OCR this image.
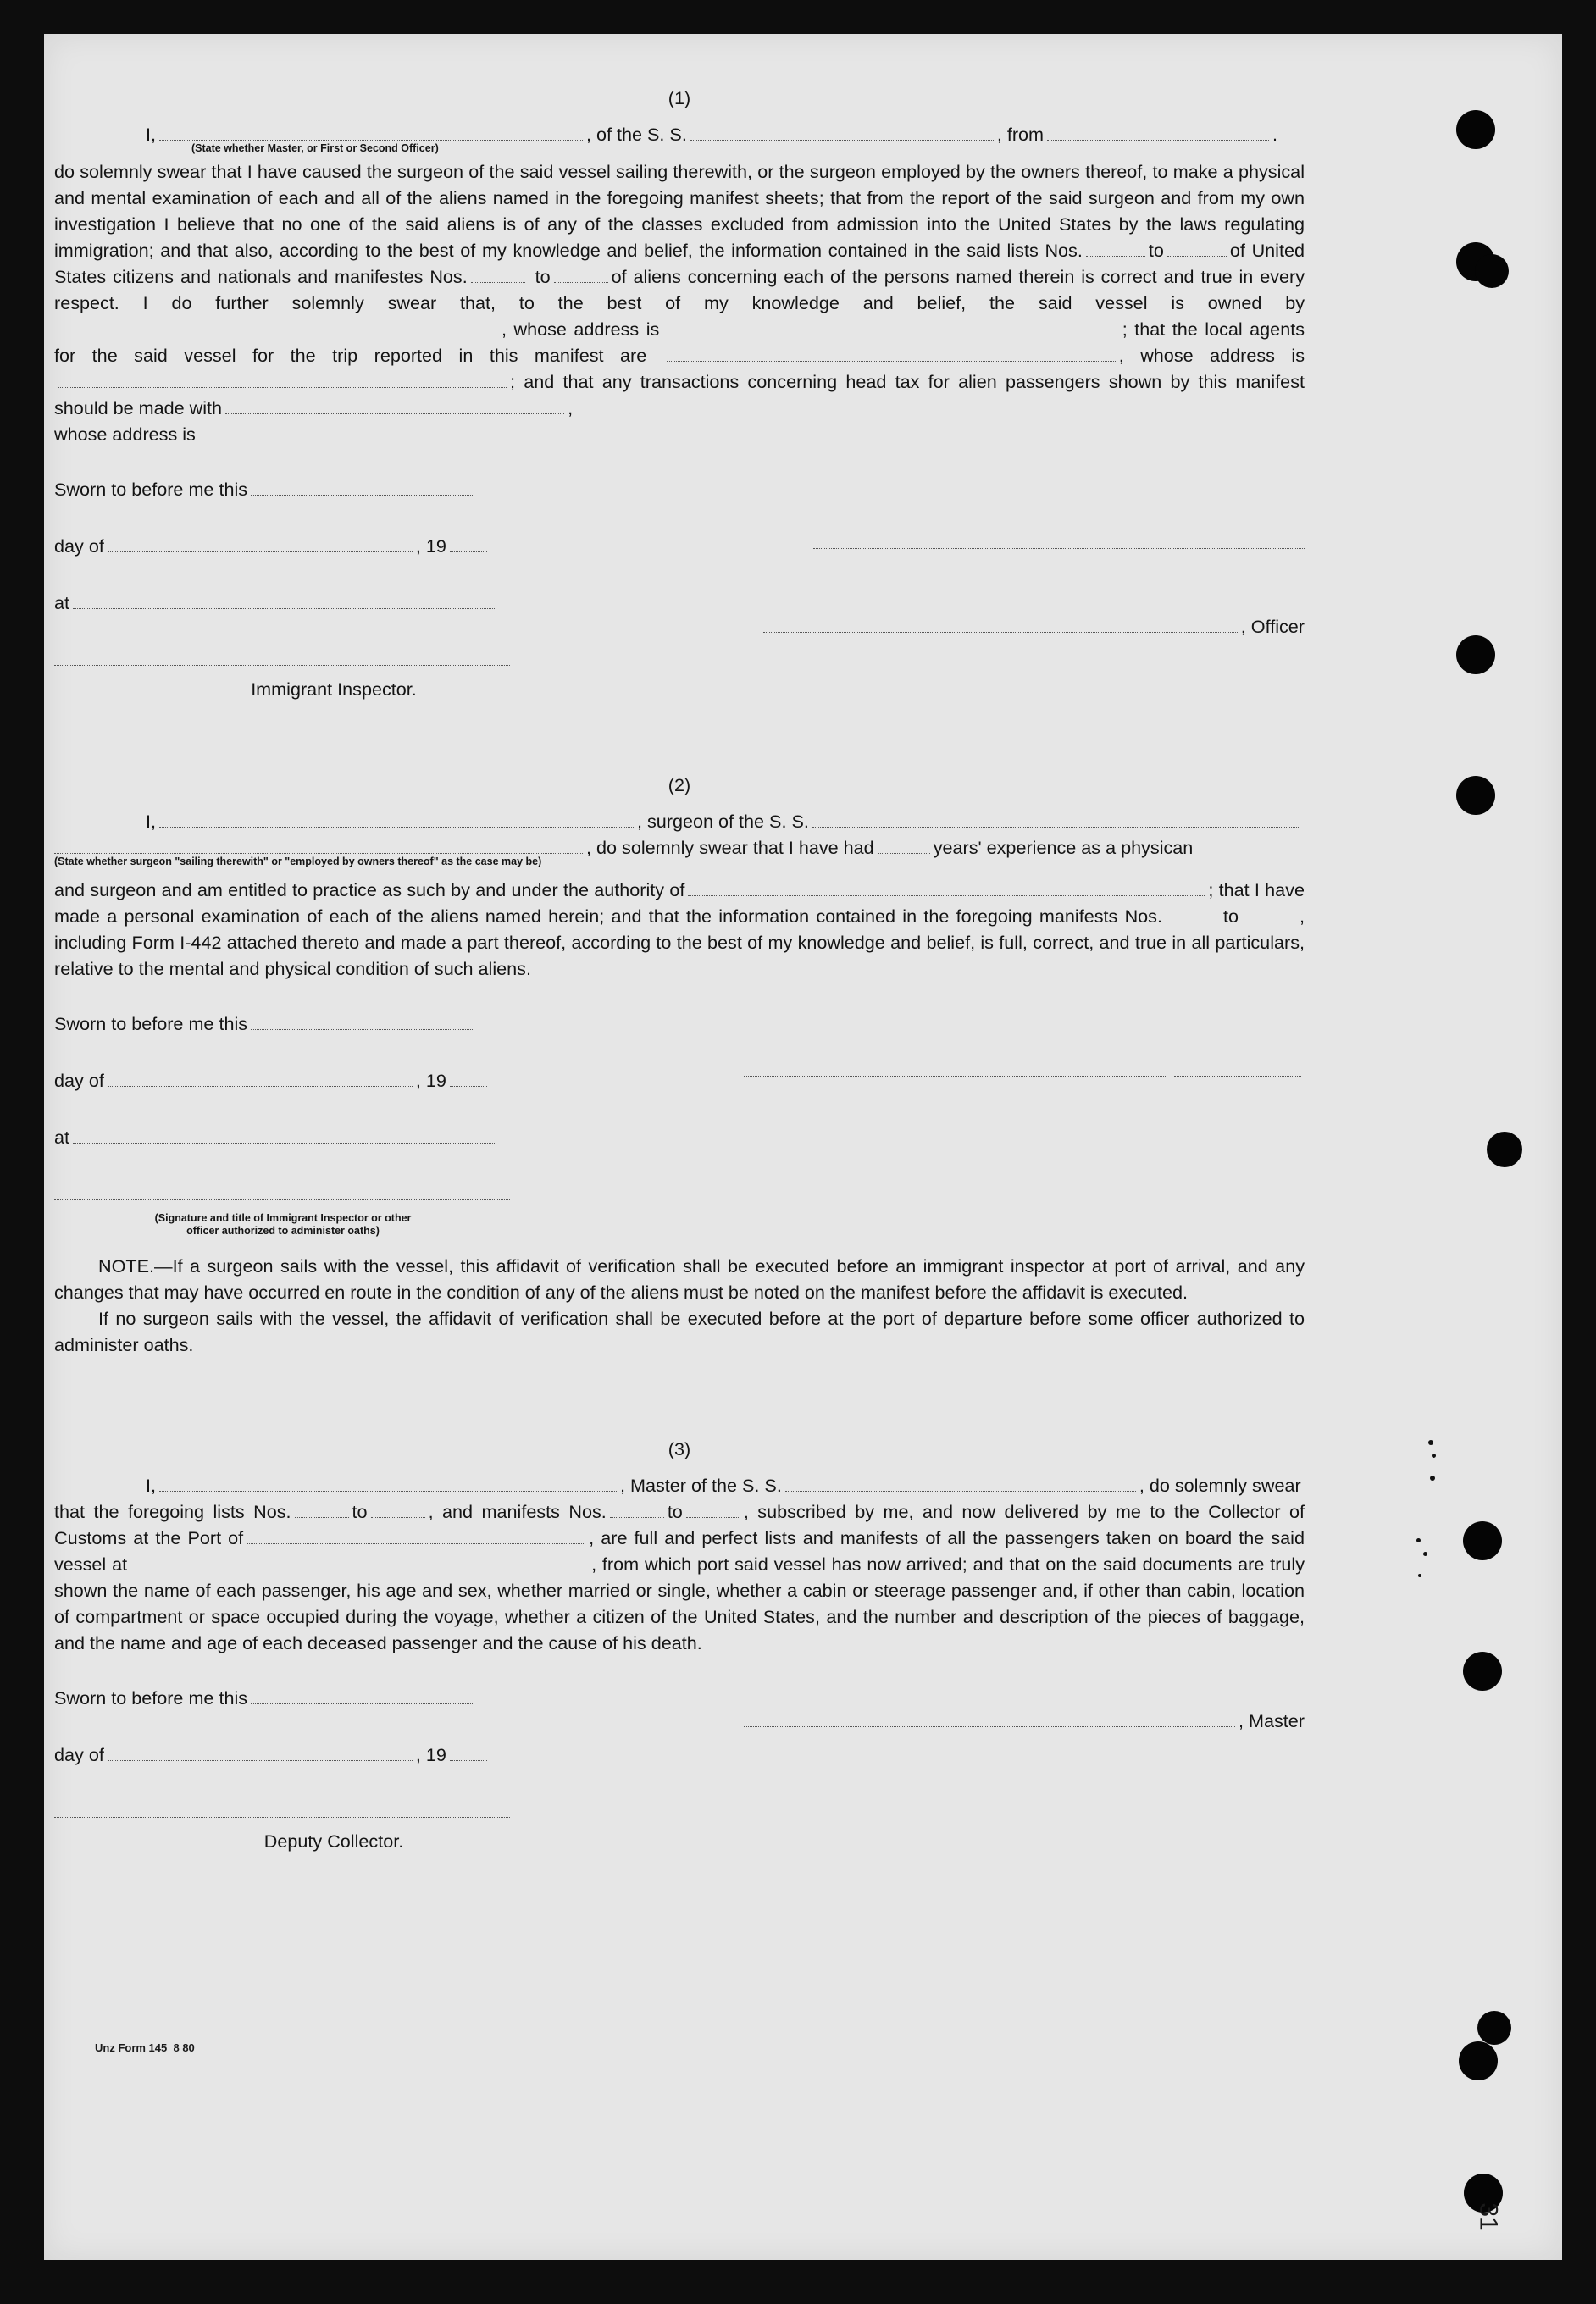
(1)
I,	, of the S. S.	, from	.
(State whether Master, or First or Second Officer)

do solemnly swear that I have caused the surgeon of the said vessel sailing therewith, or the surgeon employed by the owners thereof, to make a physical and mental examination of each and all of the aliens named in the foregoing manifest sheets; that from the report of the said surgeon and from my own investigation I believe that no one of the said aliens is of any of the classes excluded from admission into the United States by the laws regulating immigration; and that also, according to the best of my knowledge and belief, the information contained in the said lists Nos.	to	of United States citizens and nationals and manifestes Nos.	to	of aliens concerning each of the persons named therein is correct and true in every respect. I do further solemnly swear that, to the best of my knowledge and belief, the said vessel is owned by, whose address is	; that the local agents for the said vessel for the trip reported in this manifest are	, whose address is; and that any transactions concerning head tax for alien passengers shown by this manifest should be made with	,

whose address is
Sworn to before me this
day of	, 19
at
Immigrant Inspector.
, Officer
(2)
I,	, surgeon of the S. S.
, do solemnly swear that I have had	years' experience as a physican
(State whether surgeon "sailing therewith" or "employed by owners thereof" as the case may be)

and surgeon and am entitled to practice as such by and under the authority of	; that I have made a personal examination of each of the aliens named herein; and that the information contained in the foregoing manifests Nos.	to	, including Form I-442 attached thereto and made a part thereof, according to the best of my knowledge and belief, is full, correct, and true in all particulars, relative to the mental and physical condition of such aliens.

Sworn to before me this
day of	, 19
at
(Signature and title of Immigrant Inspector or other
officer authorized to administer oaths)

NOTE.—If a surgeon sails with the vessel, this affidavit of verification shall be executed before an immigrant inspector at port of arrival, and any changes that may have occurred en route in the condition of any of the aliens must be noted on the manifest before the affidavit is executed.

If no surgeon sails with the vessel, the affidavit of verification shall be executed before at the port of departure before some officer authorized to administer oaths.

(3)
I,	, Master of the S. S.	, do solemnly swear

that the foregoing lists Nos.	to	, and manifests Nos.	to	, subscribed by me, and now delivered by me to the Collector of Customs at the Port of	, are full and perfect lists and manifests of all the passengers taken on board the said vessel at	, from which port said vessel has now arrived; and that on the said documents are truly shown the name of each passenger, his age and sex, whether married or single, whether a cabin or steerage passenger and, if other than cabin, location of compartment or space occupied during the voyage, whether a citizen of the United States, and the number and description of the pieces of baggage, and the name and age of each deceased passenger and the cause of his death.

Sworn to before me this
day of	, 19
Deputy Collector.
, Master
Unz Form 145 8 80
31
